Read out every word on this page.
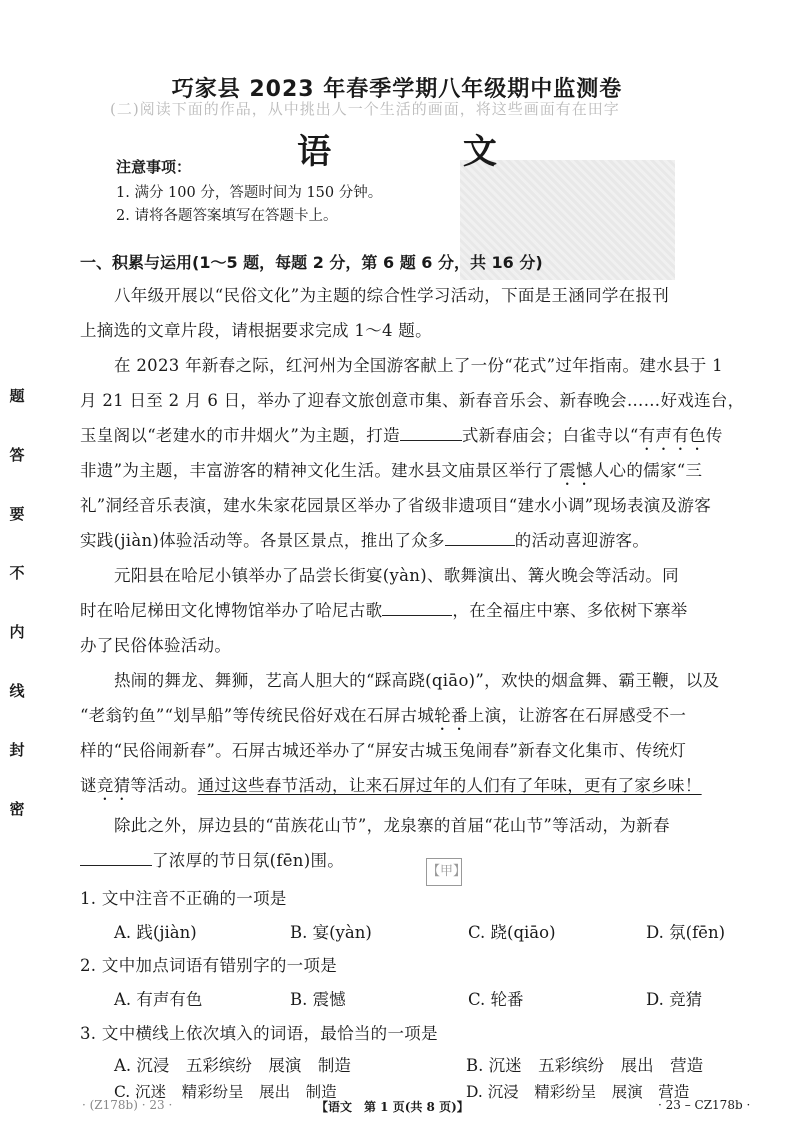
(二)阅读下面的作品，从中挑出人一个生活的画面，将这些画面有在田字
巧家县 2023 年春季学期八年级期中监测卷
语 文
注意事项：
1. 满分 100 分，答题时间为 150 分钟。
2. 请将各题答案填写在答题卡上。
题
答
要
不
内
线
封
密
一、积累与运用(1～5 题，每题 2 分，第 6 题 6 分，共 16 分)
八年级开展以“民俗文化”为主题的综合性学习活动，下面是王涵同学在报刊
上摘选的文章片段，请根据要求完成 1～4 题。
在 2023 年新春之际，红河州为全国游客献上了一份“花式”过年指南。建水县于 1
月 21 日至 2 月 6 日，举办了迎春文旅创意市集、新春音乐会、新春晚会……好戏连台，
玉皇阁以“老建水的市井烟火”为主题，打造	式新春庙会；白雀寺以“有声有色传
非遗”为主题，丰富游客的精神文化生活。建水县文庙景区举行了震憾人心的儒家“三
礼”洞经音乐表演，建水朱家花园景区举办了省级非遗项目“建水小调”现场表演及游客
实践(jiàn)体验活动等。各景区景点，推出了众多	的活动喜迎游客。
元阳县在哈尼小镇举办了品尝长街宴(yàn)、歌舞演出、篝火晚会等活动。同
时在哈尼梯田文化博物馆举办了哈尼古歌	，在全福庄中寨、多依树下寨举
办了民俗体验活动。
热闹的舞龙、舞狮，艺高人胆大的“踩高跷(qiāo)”，欢快的烟盒舞、霸王鞭，以及
“老翁钓鱼”“划旱船”等传统民俗好戏在石屏古城轮番上演，让游客在石屏感受不一
样的“民俗闹新春”。石屏古城还举办了“屏安古城玉兔闹春”新春文化集市、传统灯
谜竞猜等活动。通过这些春节活动，让来石屏过年的人们有了年味，更有了家乡味！
除此之外，屏边县的“苗族花山节”，龙泉寨的首届“花山节”等活动，为新春
了浓厚的节日氛(fēn)围。
【甲】
1. 文中注音不正确的一项是
A. 践(jiàn)	B. 宴(yàn)	C. 跷(qiāo)	D. 氛(fēn)
2. 文中加点词语有错别字的一项是
A. 有声有色	B. 震憾	C. 轮番	D. 竞猜
3. 文中横线上依次填入的词语，最恰当的一项是
A. 沉浸　五彩缤纷　展演　制造	B. 沉迷　五彩缤纷　展出　营造
C. 沉迷　精彩纷呈　展出　制造	D. 沉浸　精彩纷呈　展演　营造
· (Z178b) · 23 ·	【语文　第 1 页(共 8 页)】	· 23 – CZ178b ·
